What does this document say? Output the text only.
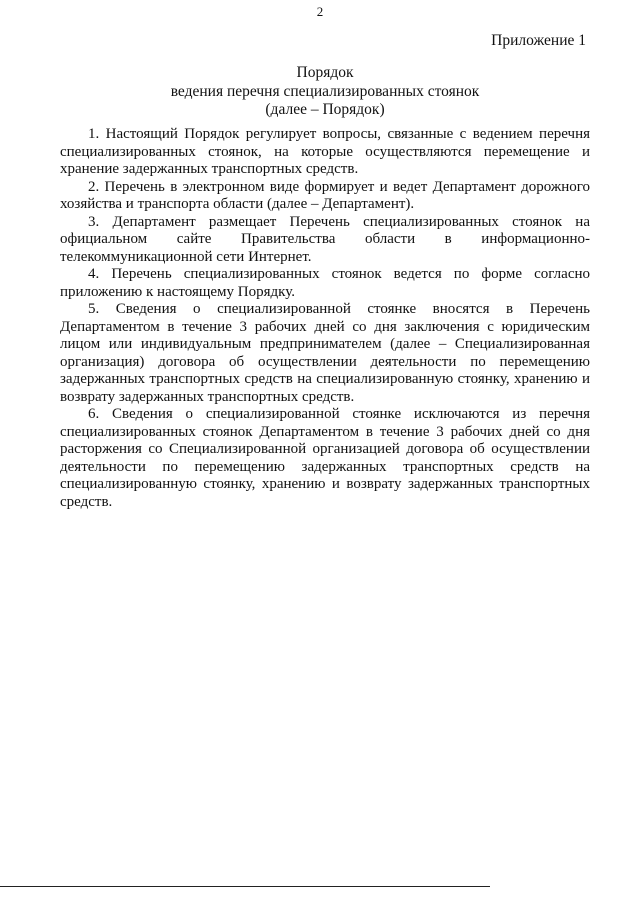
2
Приложение 1
Порядок
ведения перечня специализированных стоянок
(далее – Порядок)

1. Настоящий Порядок регулирует вопросы, связанные с ведением перечня специализированных стоянок, на которые осуществляются перемещение и хранение задержанных транспортных средств.

2. Перечень в электронном виде формирует и ведет Департамент дорожного хозяйства и транспорта области (далее – Департамент).

3. Департамент размещает Перечень специализированных стоянок на официальном сайте Правительства области в информационно-телекоммуникационной сети Интернет.

4. Перечень специализированных стоянок ведется по форме согласно приложению к настоящему Порядку.

5. Сведения о специализированной стоянке вносятся в Перечень Департаментом в течение 3 рабочих дней со дня заключения с юридическим лицом или индивидуальным предпринимателем (далее – Специализированная организация) договора об осуществлении деятельности по перемещению задержанных транспортных средств на специализированную стоянку, хранению и возврату задержанных транспортных средств.

6. Сведения о специализированной стоянке исключаются из перечня специализированных стоянок Департаментом в течение 3 рабочих дней со дня расторжения со Специализированной организацией договора об осуществлении деятельности по перемещению задержанных транспортных средств на специализированную стоянку, хранению и возврату задержанных транспортных средств.
